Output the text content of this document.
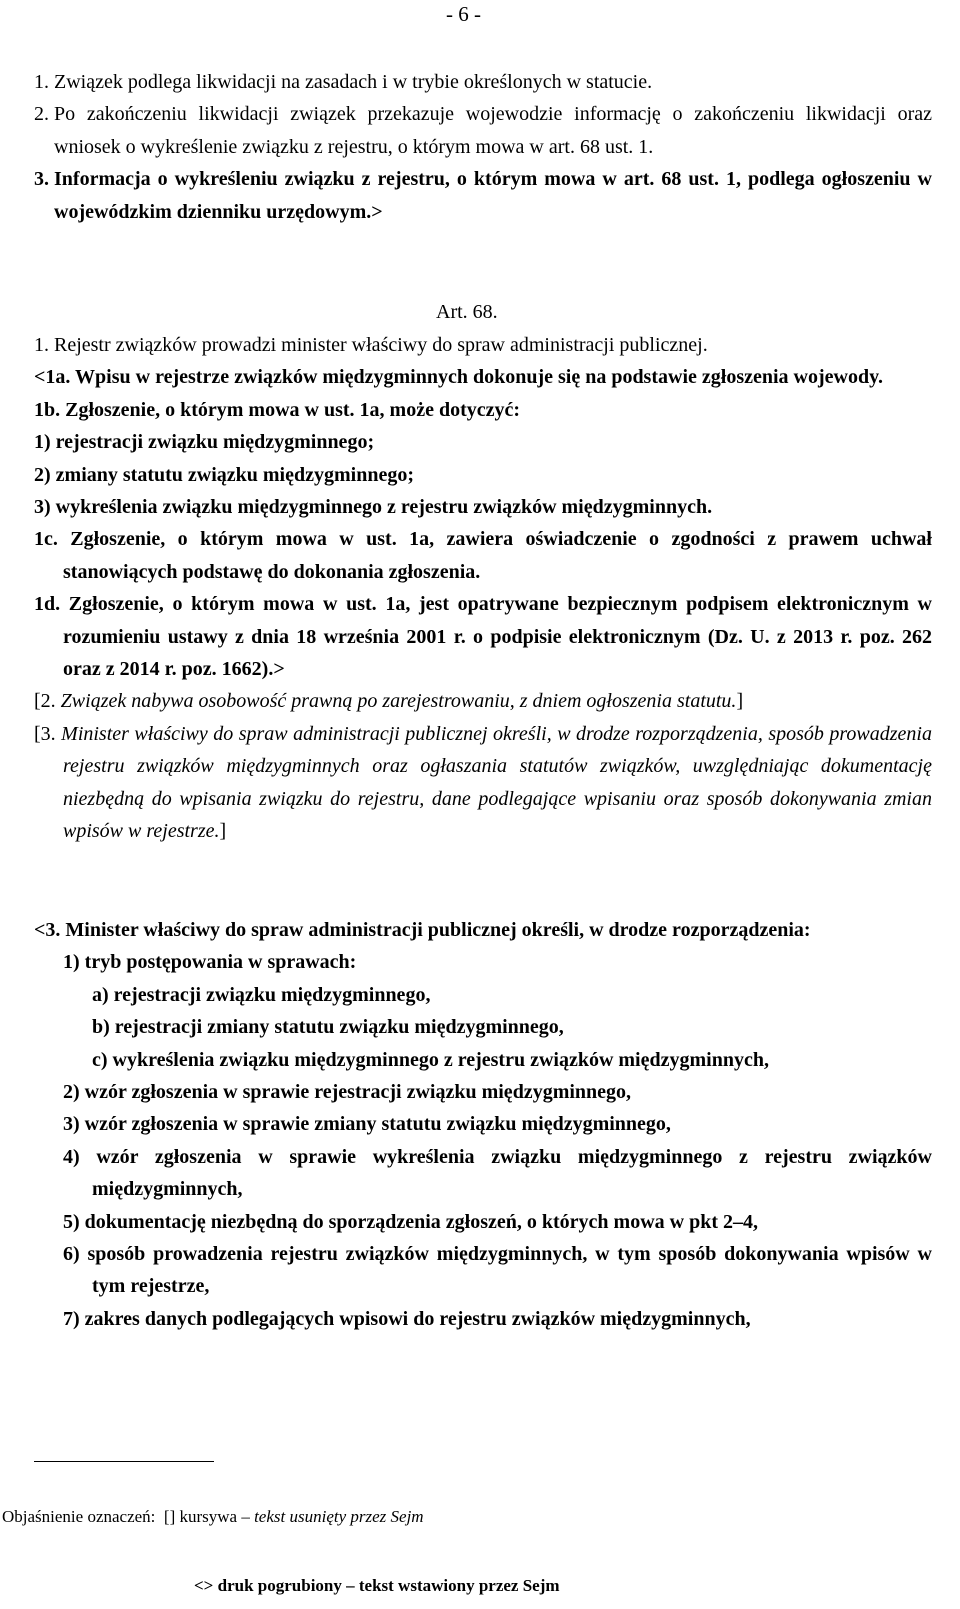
- 6 -
1. Związek podlega likwidacji na zasadach i w trybie określonych w statucie.
2. Po zakończeniu likwidacji związek przekazuje wojewodzie informację o zakończeniu likwidacji oraz wniosek o wykreślenie związku z rejestru, o którym mowa w art. 68 ust. 1.
3. Informacja o wykreśleniu związku z rejestru, o którym mowa w art. 68 ust. 1, podlega ogłoszeniu w wojewódzkim dzienniku urzędowym.>
Art. 68.

1. Rejestr związków prowadzi minister właściwy do spraw administracji publicznej.

<1a. Wpisu w rejestrze związków międzygminnych dokonuje się na podstawie zgłoszenia wojewody.

1b. Zgłoszenie, o którym mowa w ust. 1a, może dotyczyć:

1) rejestracji związku międzygminnego;

2) zmiany statutu związku międzygminnego;

3) wykreślenia związku międzygminnego z rejestru związków międzygminnych.

1c. Zgłoszenie, o którym mowa w ust. 1a, zawiera oświadczenie o zgodności z prawem uchwał stanowiących podstawę do dokonania zgłoszenia.

1d. Zgłoszenie, o którym mowa w ust. 1a, jest opatrywane bezpiecznym podpisem elektronicznym w rozumieniu ustawy z dnia 18 września 2001 r. o podpisie elektronicznym (Dz. U. z 2013 r. poz. 262 oraz z 2014 r. poz. 1662).>

[2. Związek nabywa osobowość prawną po zarejestrowaniu, z dniem ogłoszenia statutu.]

[3. Minister właściwy do spraw administracji publicznej określi, w drodze rozporządzenia, sposób prowadzenia rejestru związków międzygminnych oraz ogłaszania statutów związków, uwzględniając dokumentację niezbędną do wpisania związku do rejestru, dane podlegające wpisaniu oraz sposób dokonywania zmian wpisów w rejestrze.]

<3. Minister właściwy do spraw administracji publicznej określi, w drodze rozporządzenia:

1) tryb postępowania w sprawach:

a) rejestracji związku międzygminnego,

b) rejestracji zmiany statutu związku międzygminnego,

c) wykreślenia związku międzygminnego z rejestru związków międzygminnych,

2) wzór zgłoszenia w sprawie rejestracji związku międzygminnego,

3) wzór zgłoszenia w sprawie zmiany statutu związku międzygminnego,

4) wzór zgłoszenia w sprawie wykreślenia związku międzygminnego z rejestru związków międzygminnych,

5) dokumentację niezbędną do sporządzenia zgłoszeń, o których mowa w pkt 2–4,

6) sposób prowadzenia rejestru związków międzygminnych, w tym sposób dokonywania wpisów w tym rejestrze,

7) zakres danych podlegających wpisowi do rejestru związków międzygminnych,

Objaśnienie oznaczeń: [] kursywa – tekst usunięty przez Sejm
<> druk pogrubiony – tekst wstawiony przez Sejm
